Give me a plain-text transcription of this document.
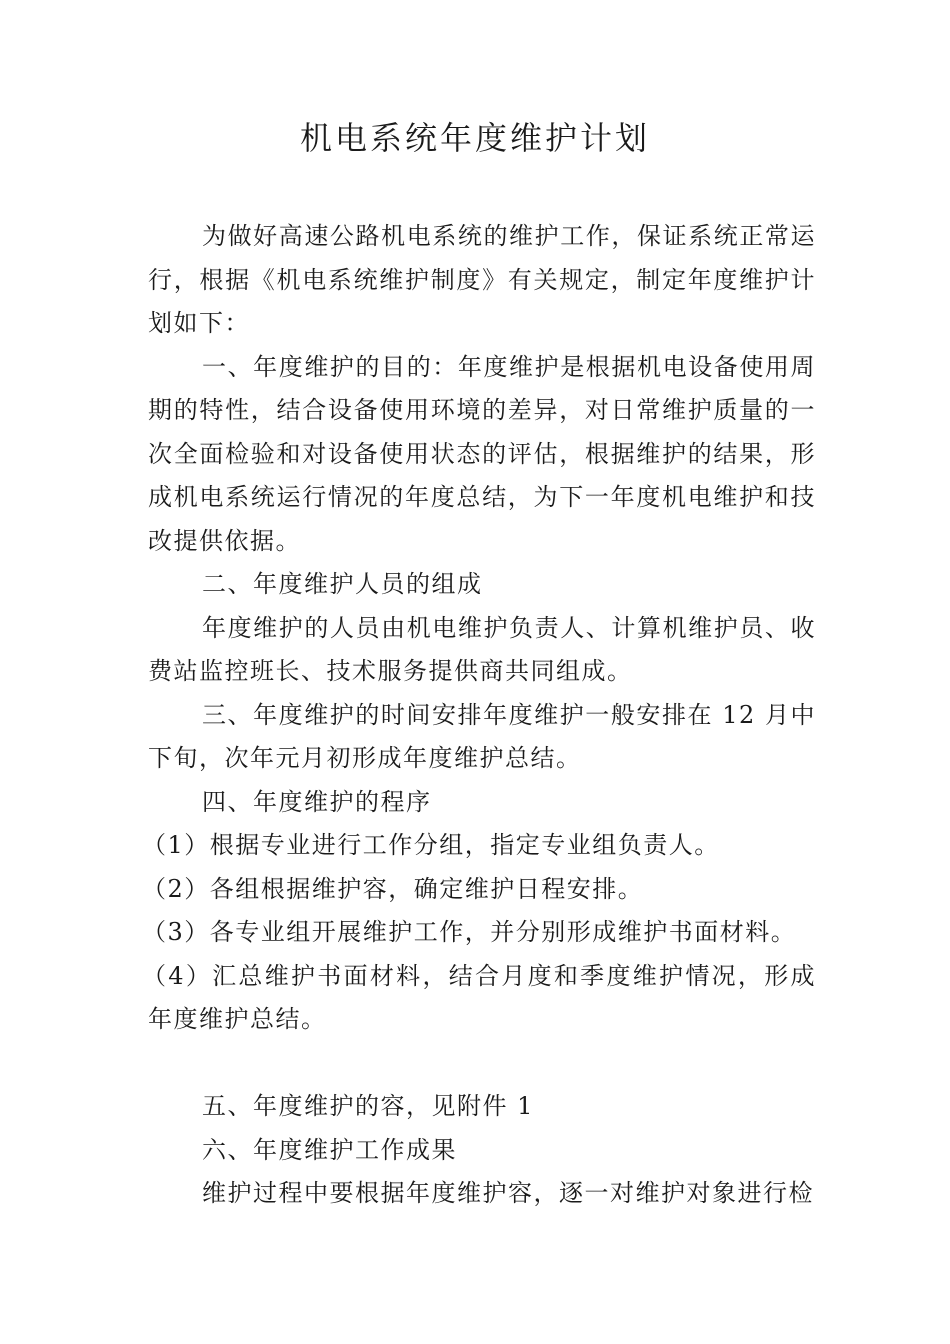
机电系统年度维护计划

为做好高速公路机电系统的维护工作，保证系统正常运行，根据《机电系统维护制度》有关规定，制定年度维护计划如下：

一、年度维护的目的：年度维护是根据机电设备使用周期的特性，结合设备使用环境的差异，对日常维护质量的一次全面检验和对设备使用状态的评估，根据维护的结果，形成机电系统运行情况的年度总结，为下一年度机电维护和技改提供依据。

二、年度维护人员的组成

年度维护的人员由机电维护负责人、计算机维护员、收费站监控班长、技术服务提供商共同组成。

三、年度维护的时间安排年度维护一般安排在 12 月中下旬，次年元月初形成年度维护总结。

四、年度维护的程序

（1）根据专业进行工作分组，指定专业组负责人。

（2）各组根据维护容，确定维护日程安排。

（3）各专业组开展维护工作，并分别形成维护书面材料。

（4）汇总维护书面材料，结合月度和季度维护情况，形成年度维护总结。

五、年度维护的容，见附件 1

六、年度维护工作成果

维护过程中要根据年度维护容，逐一对维护对象进行检
